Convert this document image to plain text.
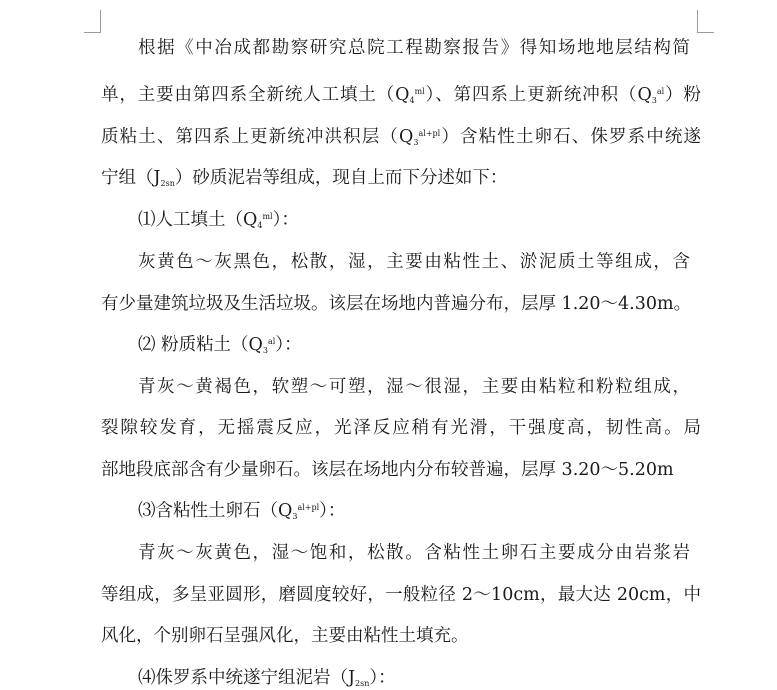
根据《中冶成都勘察研究总院工程勘察报告》得知场地地层结构简
单，主要由第四系全新统人工填土$(Q_4^{ml})$、第四系上更新统冲积$(Q_3^{al})$粉
质粘土、第四系上更新统冲洪积层$(Q_3^{al+pl})$含粘性土卵石、侏罗系中统遂
宁组$(J_{2sn})$砂质泥岩等组成，现自上而下分述如下：
⑴人工填土$(Q_4^{ml})$：
灰黄色～灰黑色，松散，湿，主要由粘性土、淤泥质土等组成，含
有少量建筑垃圾及生活垃圾。该层在场地内普遍分布，层厚 1.20～4.30m。
⑵ 粉质粘土$(Q_3^{al})$：
青灰～黄褐色，软塑～可塑，湿～很湿，主要由粘粒和粉粒组成，
裂隙较发育，无摇震反应，光泽反应稍有光滑，干强度高，韧性高。局
部地段底部含有少量卵石。该层在场地内分布较普遍，层厚 3.20～5.20m
⑶含粘性土卵石$(Q_3^{al+pl})$：
青灰～灰黄色，湿～饱和，松散。含粘性土卵石主要成分由岩浆岩
等组成，多呈亚圆形，磨圆度较好，一般粒径 2～10cm，最大达 20cm，中
风化，个别卵石呈强风化，主要由粘性土填充。
⑷侏罗系中统遂宁组泥岩$(J_{2sn})$：
